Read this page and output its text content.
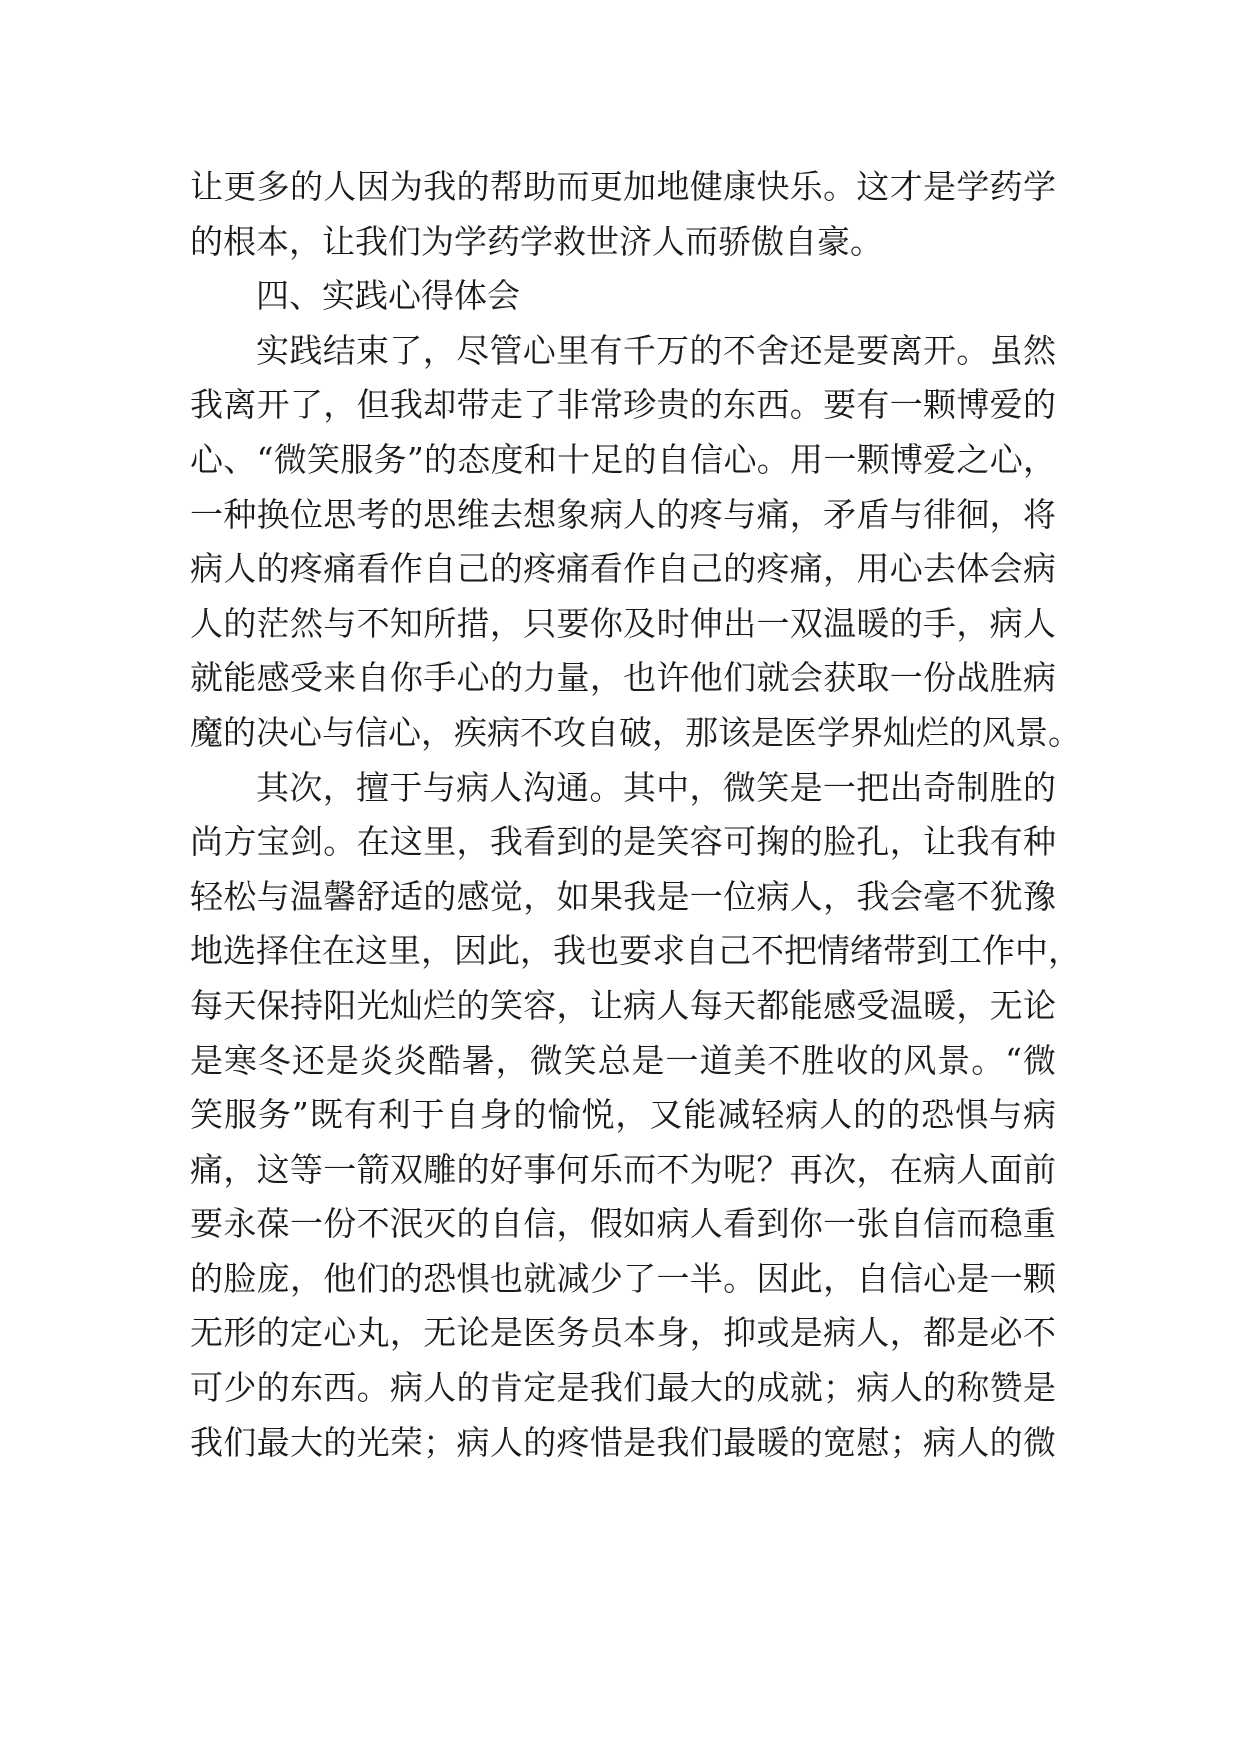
让更多的人因为我的帮助而更加地健康快乐。这才是学药学
的根本，让我们为学药学救世济人而骄傲自豪。
四、实践心得体会
实践结束了，尽管心里有千万的不舍还是要离开。虽然
我离开了，但我却带走了非常珍贵的东西。要有一颗博爱的
心、“微笑服务”的态度和十足的自信心。用一颗博爱之心，
一种换位思考的思维去想象病人的疼与痛，矛盾与徘徊，将
病人的疼痛看作自己的疼痛看作自己的疼痛，用心去体会病
人的茫然与不知所措，只要你及时伸出一双温暖的手，病人
就能感受来自你手心的力量，也许他们就会获取一份战胜病
魔的决心与信心，疾病不攻自破，那该是医学界灿烂的风景。
其次，擅于与病人沟通。其中，微笑是一把出奇制胜的
尚方宝剑。在这里，我看到的是笑容可掬的脸孔，让我有种
轻松与温馨舒适的感觉，如果我是一位病人，我会毫不犹豫
地选择住在这里，因此，我也要求自己不把情绪带到工作中，
每天保持阳光灿烂的笑容，让病人每天都能感受温暖，无论
是寒冬还是炎炎酷暑，微笑总是一道美不胜收的风景。“微
笑服务”既有利于自身的愉悦，又能减轻病人的的恐惧与病
痛，这等一箭双雕的好事何乐而不为呢？再次，在病人面前
要永葆一份不泯灭的自信，假如病人看到你一张自信而稳重
的脸庞，他们的恐惧也就减少了一半。因此，自信心是一颗
无形的定心丸，无论是医务员本身，抑或是病人，都是必不
可少的东西。病人的肯定是我们最大的成就；病人的称赞是
我们最大的光荣；病人的疼惜是我们最暖的宽慰；病人的微
